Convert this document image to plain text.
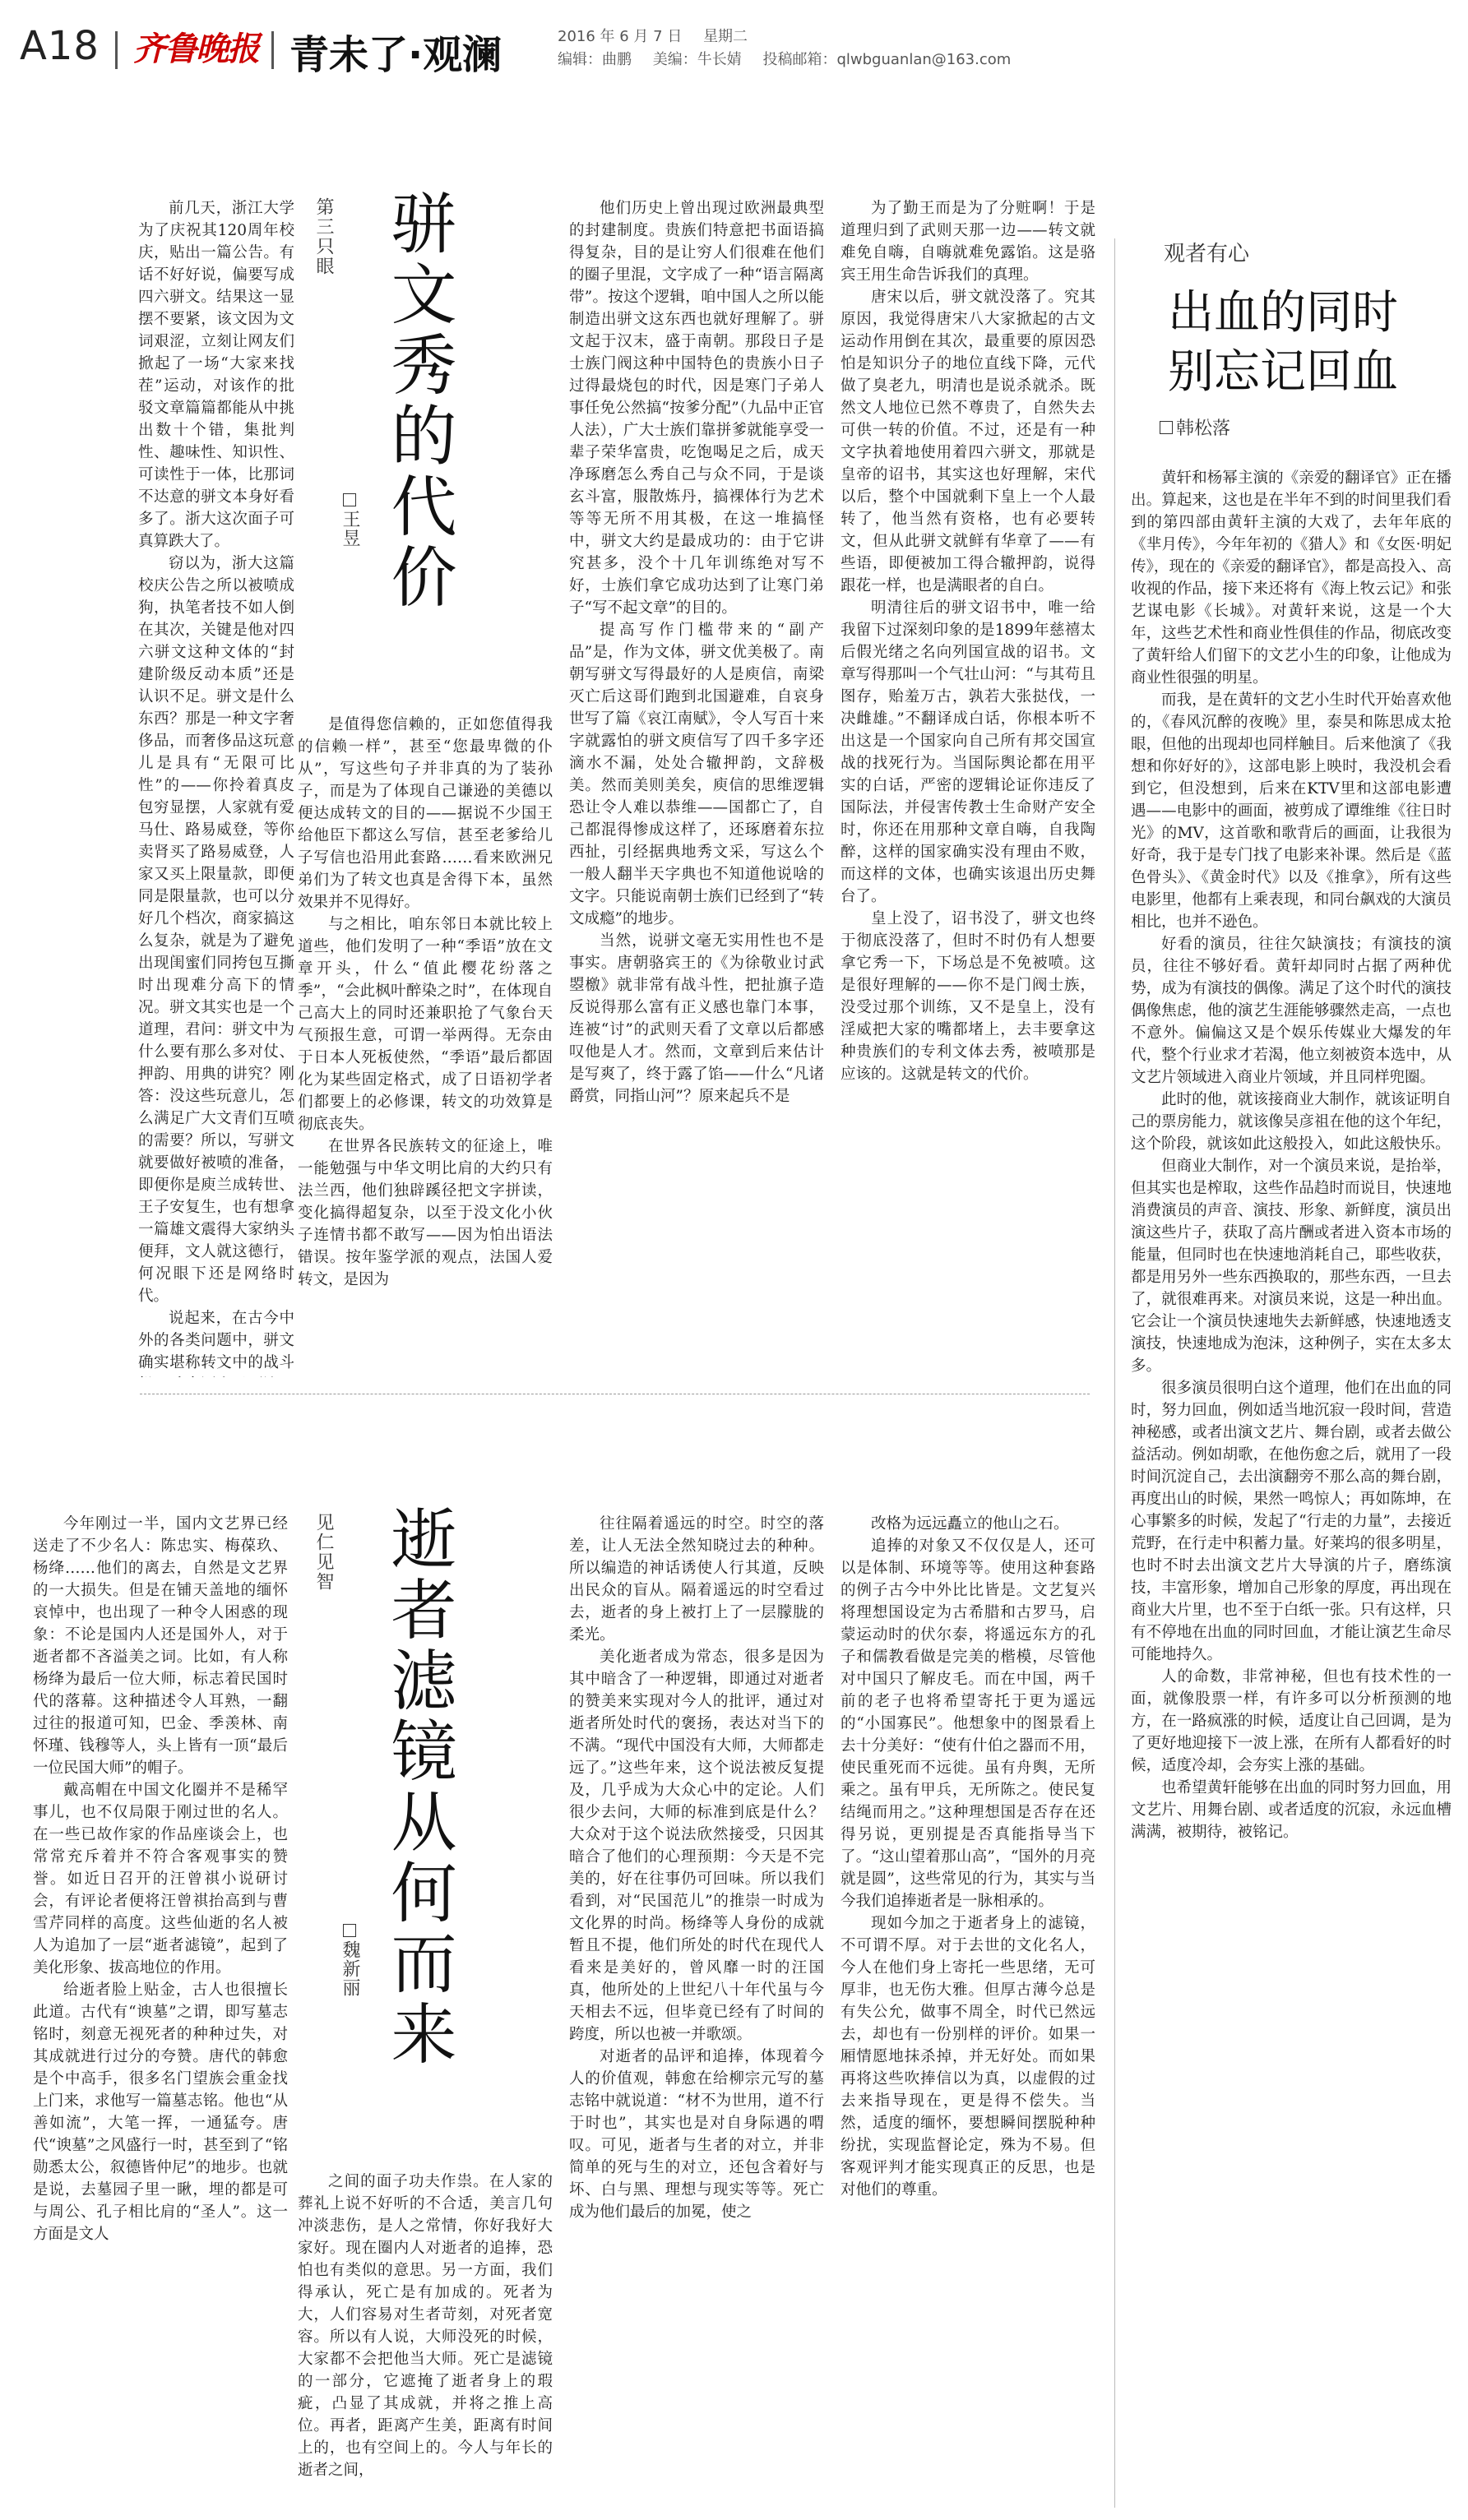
A18 齐鲁晚报 青未了·观澜	2016 年 6 月 7 日 星期二
编辑：曲鹏 美编：牛长婧 投稿邮箱：qlwbguanlan@163.com

前几天，浙江大学为了庆祝其120周年校庆，贴出一篇公告。有话不好好说，偏要写成四六骈文。结果这一显摆不要紧，该文因为文词艰涩，立刻让网友们掀起了一场“大家来找茬”运动，对该作的批驳文章篇篇都能从中挑出数十个错，集批判性、趣味性、知识性、可读性于一体，比那词不达意的骈文本身好看多了。浙大这次面子可真算跌大了。

窃以为，浙大这篇校庆公告之所以被喷成狗，执笔者技不如人倒在其次，关键是他对四六骈文这种文体的“封建阶级反动本质”还是认识不足。骈文是什么东西？那是一种文字奢侈品，而奢侈品这玩意儿是具有“无限可比性”的——你拎着真皮包穷显摆，人家就有爱马仕、路易威登，等你卖肾买了路易威登，人家又买上限量款，即便同是限量款，也可以分好几个档次，商家搞这么复杂，就是为了避免出现闺蜜们同挎包互撕时出现难分高下的情况。骈文其实也是一个道理，君问：骈文中为什么要有那么多对仗、押韵、用典的讲究？刚答：没这些玩意儿，怎么满足广大文青们互喷的需要？所以，写骈文就要做好被喷的准备，即便你是庾兰成转世、王子安复生，也有想拿一篇雄文震得大家纳头便拜，文人就这德行，何况眼下还是网络时代。

说起来，在古今中外的各类问题中，骈文确实堪称转文中的战斗

第三只眼 骈文秀的代价
王昱

是值得您信赖的，正如您值得我的信赖一样”，甚至“您最卑微的仆从”，写这些句子并非真的为了装孙子，而是为了体现自己谦逊的美德以便达成转文的目的——据说不少国王给他臣下都这么写信，甚至老爹给儿子写信也沿用此套路……看来欧洲兄弟们为了转文也真是舍得下本，虽然效果并不见得好。

与之相比，咱东邻日本就比较上道些，他们发明了一种“季语”放在文章开头，什么“值此樱花纷落之季”，“会此枫叶醉染之时”，在体现自己高大上的同时还兼职抢了气象台天气预报生意，可谓一举两得。无奈由于日本人死板使然，“季语”最后都固化为某些固定格式，成了日语初学者们都要上的必修课，转文的功效算是彻底丧失。

在世界各民族转文的征途上，唯一能勉强与中华文明比肩的大约只有法兰西，他们独辟蹊径把文字拼读，变化搞得超复杂，以至于没文化小伙子连情书都不敢写——因为怕出语法错误。按年鉴学派的观点，法国人爱转文，是因为

他们历史上曾出现过欧洲最典型的封建制度。贵族们特意把书面语搞得复杂，目的是让穷人们很难在他们的圈子里混，文字成了一种“语言隔离带”。按这个逻辑，咱中国人之所以能制造出骈文这东西也就好理解了。骈文起于汉末，盛于南朝。那段日子是士族门阀这种中国特色的贵族小日子过得最烧包的时代，因是寒门子弟人事任免公然搞“按爹分配”（九品中正官人法），广大士族们靠拼爹就能享受一辈子荣华富贵，吃饱喝足之后，成天净琢磨怎么秀自己与众不同，于是谈玄斗富，服散炼丹，搞裸体行为艺术等等无所不用其极，在这一堆搞怪中，骈文大约是最成功的：由于它讲究甚多，没个十几年训练绝对写不好，士族们拿它成功达到了让寒门弟子“写不起文章”的目的。

提高写作门槛带来的“副产品”是，作为文体，骈文优美极了。南朝写骈文写得最好的人是庾信，南梁灭亡后这哥们跑到北国避难，自哀身世写了篇《哀江南赋》，令人写百十来字就露怕的骈文庾信写了四千多字还滴水不漏，处处合辙押韵，文辞极美。然而美则美矣，庾信的思维逻辑恐让令人难以恭维——国都亡了，自己都混得惨成这样了，还琢磨着东拉西扯，引经据典地秀文采，写这么个一般人翻半天字典也不知道他说啥的文字。只能说南朝士族们已经到了“转文成瘾”的地步。

当然，说骈文毫无实用性也不是事实。唐朝骆宾王的《为徐敬业讨武曌檄》就非常有战斗性，把扯旗子造反说得那么富有正义感也靠门本事，连被“讨”的武则天看了文章以后都感叹他是人才。然而，文章到后来估计是写爽了，终于露了馅——什么“凡诸爵赏，同指山河”？原来起兵不是

为了勤王而是为了分赃啊！于是道理归到了武则天那一边——转文就难免自嗨，自嗨就难免露馅。这是骆宾王用生命告诉我们的真理。

唐宋以后，骈文就没落了。究其原因，我觉得唐宋八大家掀起的古文运动作用倒在其次，最重要的原因恐怕是知识分子的地位直线下降，元代做了臭老九，明清也是说杀就杀。既然文人地位已然不尊贵了，自然失去可供一转的价值。不过，还是有一种文字执着地使用着四六骈文，那就是皇帝的诏书，其实这也好理解，宋代以后，整个中国就剩下皇上一个人最转了，他当然有资格，也有必要转文，但从此骈文就鲜有华章了——有些语，即便被加工得合辙押韵，说得跟花一样，也是满眼者的自白。

明清往后的骈文诏书中，唯一给我留下过深刻印象的是1899年慈禧太后假光绪之名向列国宣战的诏书。文章写得那叫一个气壮山河：“与其苟且图存，贻羞万古，孰若大张挞伐，一决雌雄。”不翻译成白话，你根本听不出这是一个国家向自己所有邦交国宣战的找死行为。当国际舆论都在用平实的白话，严密的逻辑论证你违反了国际法，并侵害传教士生命财产安全时，你还在用那种文章自嗨，自我陶醉，这样的国家确实没有理由不败，而这样的文体，也确实该退出历史舞台了。

皇上没了，诏书没了，骈文也终于彻底没落了，但时不时仍有人想要拿它秀一下，下场总是不免被喷。这是很好理解的——你不是门阀士族，没受过那个训练，又不是皇上，没有淫威把大家的嘴都堵上，去丰要拿这种贵族们的专利文体去秀，被喷那是应该的。这就是转文的代价。

今年刚过一半，国内文艺界已经送走了不少名人：陈忠实、梅葆玖、杨绛……他们的离去，自然是文艺界的一大损失。但是在铺天盖地的缅怀哀悼中，也出现了一种令人困惑的现象：不论是国内人还是国外人，对于逝者都不吝溢美之词。比如，有人称杨绛为最后一位大师，标志着民国时代的落幕。这种描述令人耳熟，一翻过往的报道可知，巴金、季羡林、南怀瑾、钱穆等人，头上皆有一顶“最后一位民国大师”的帽子。

戴高帽在中国文化圈并不是稀罕事儿，也不仅局限于刚过世的名人。在一些已故作家的作品座谈会上，也常常充斥着并不符合客观事实的赞誉。如近日召开的汪曾祺小说研讨会，有评论者便将汪曾祺抬高到与曹雪芹同样的高度。这些仙逝的名人被人为追加了一层“逝者滤镜”，起到了美化形象、拔高地位的作用。

给逝者脸上贴金，古人也很擅长此道。古代有“谀墓”之谓，即写墓志铭时，刻意无视死者的种种过失，对其成就进行过分的夸赞。唐代的韩愈是个中高手，很多名门望族会重金找上门来，求他写一篇墓志铭。他也“从善如流”，大笔一挥，一通猛夸。唐代“谀墓”之风盛行一时，甚至到了“铭勋悉太公，叙德皆仲尼”的地步。也就是说，去墓园子里一瞅，埋的都是可与周公、孔子相比肩的“圣人”。这一方面是文人

见仁见智 逝者滤镜从何而来
魏新丽

之间的面子功夫作祟。在人家的葬礼上说不好听的不合适，美言几句冲淡悲伤，是人之常情，你好我好大家好。现在圈内人对逝者的追捧，恐怕也有类似的意思。另一方面，我们得承认，死亡是有加成的。死者为大，人们容易对生者苛刻，对死者宽容。所以有人说，大师没死的时候，大家都不会把他当大师。死亡是滤镜的一部分，它遮掩了逝者身上的瑕疵，凸显了其成就，并将之推上高位。再者，距离产生美，距离有时间上的，也有空间上的。今人与年长的逝者之间，

往往隔着遥远的时空。时空的落差，让人无法全然知晓过去的种种。所以编造的神话诱使人行其道，反映出民众的盲从。隔着遥远的时空看过去，逝者的身上被打上了一层朦胧的柔光。

美化逝者成为常态，很多是因为其中暗含了一种逻辑，即通过对逝者的赞美来实现对今人的批评，通过对逝者所处时代的褒扬，表达对当下的不满。“现代中国没有大师，大师都走远了。”这些年来，这个说法被反复提及，几乎成为大众心中的定论。人们很少去问，大师的标准到底是什么？大众对于这个说法欣然接受，只因其暗合了他们的心理预期：今天是不完美的，好在往事仍可回味。所以我们看到，对“民国范儿”的推崇一时成为文化界的时尚。杨绛等人身份的成就暂且不提，他们所处的时代在现代人看来是美好的，曾风靡一时的汪国真，他所处的上世纪八十年代虽与今天相去不远，但毕竟已经有了时间的跨度，所以也被一并歌颂。

对逝者的品评和追捧，体现着今人的价值观，韩愈在给柳宗元写的墓志铭中就说道：“材不为世用，道不行于时也”，其实也是对自身际遇的喟叹。可见，逝者与生者的对立，并非简单的死与生的对立，还包含着好与坏、白与黑、理想与现实等等。死亡成为他们最后的加冕，使之

改格为远远矗立的他山之石。

追捧的对象又不仅仅是人，还可以是体制、环境等等。使用这种套路的例子古今中外比比皆是。文艺复兴将理想国设定为古希腊和古罗马，启蒙运动时的伏尔泰，将遥远东方的孔子和儒教看做是完美的楷模，尽管他对中国只了解皮毛。而在中国，两千前的老子也将希望寄托于更为遥远的“小国寡民”。他想象中的图景看上去十分美好：“使有什伯之器而不用，使民重死而不远徙。虽有舟舆，无所乘之。虽有甲兵，无所陈之。使民复结绳而用之。”这种理想国是否存在还得另说，更别提是否真能指导当下了。“这山望着那山高”，“国外的月亮就是圆”，这些常见的行为，其实与当今我们追捧逝者是一脉相承的。

现如今加之于逝者身上的滤镜，不可谓不厚。对于去世的文化名人，今人在他们身上寄托一些思绪，无可厚非，也无伤大雅。但厚古薄今总是有失公允，做事不周全，时代已然远去，却也有一份别样的评价。如果一厢情愿地抹杀掉，并无好处。而如果再将这些吹捧信以为真，以虚假的过去来指导现在，更是得不偿失。当然，适度的缅怀，要想瞬间摆脱种种纷扰，实现监督论定，殊为不易。但客观评判才能实现真正的反思，也是对他们的尊重。

观者有心
出血的同时
别忘记回血
韩松落

黄轩和杨幂主演的《亲爱的翻译官》正在播出。算起来，这也是在半年不到的时间里我们看到的第四部由黄轩主演的大戏了，去年年底的《芈月传》，今年年初的《猎人》和《女医·明妃传》，现在的《亲爱的翻译官》，都是高投入、高收视的作品，接下来还将有《海上牧云记》和张艺谋电影《长城》。对黄轩来说，这是一个大年，这些艺术性和商业性俱佳的作品，彻底改变了黄轩给人们留下的文艺小生的印象，让他成为商业性很强的明星。

而我，是在黄轩的文艺小生时代开始喜欢他的，《春风沉醉的夜晚》里，泰昊和陈思成太抢眼，但他的出现却也同样触目。后来他演了《我想和你好好的》，这部电影上映时，我没机会看到它，但没想到，后来在KTV里和这部电影遭遇——电影中的画面，被剪成了谭维维《往日时光》的MV，这首歌和歌背后的画面，让我很为好奇，我于是专门找了电影来补课。然后是《蓝色骨头》、《黄金时代》以及《推拿》，所有这些电影里，他都有上乘表现，和同台飙戏的大演员相比，也并不逊色。

好看的演员，往往欠缺演技；有演技的演员，往往不够好看。黄轩却同时占据了两种优势，成为有演技的偶像。满足了这个时代的演技偶像焦虑，他的演艺生涯能够骤然走高，一点也不意外。偏偏这又是个娱乐传媒业大爆发的年代，整个行业求才若渴，他立刻被资本选中，从文艺片领域进入商业片领域，并且同样兜圈。

此时的他，就该接商业大制作，就该证明自己的票房能力，就该像吴彦祖在他的这个年纪，这个阶段，就该如此这般投入，如此这般快乐。

但商业大制作，对一个演员来说，是抬举，但其实也是榨取，这些作品趋时而说目，快速地消费演员的声音、演技、形象、新鲜度，演员出演这些片子，获取了高片酬或者进入资本市场的能量，但同时也在快速地消耗自己，耶些收获，都是用另外一些东西换取的，那些东西，一旦去了，就很难再来。对演员来说，这是一种出血。它会让一个演员快速地失去新鲜感，快速地透支演技，快速地成为泡沫，这种例子，实在太多太多。

很多演员很明白这个道理，他们在出血的同时，努力回血，例如适当地沉寂一段时间，营造神秘感，或者出演文艺片、舞台剧，或者去做公益活动。例如胡歌，在他伤愈之后，就用了一段时间沉淀自己，去出演翻旁不那么高的舞台剧，再度出山的时候，果然一鸣惊人；再如陈坤，在心事繁多的时候，发起了“行走的力量”，去接近荒野，在行走中积蓄力量。好莱坞的很多明星，也时不时去出演文艺片大导演的片子，磨练演技，丰富形象，增加自己形象的厚度，再出现在商业大片里，也不至于白纸一张。只有这样，只有不停地在出血的同时回血，才能让演艺生命尽可能地持久。

人的命数，非常神秘，但也有技术性的一面，就像股票一样，有许多可以分析预测的地方，在一路疯涨的时候，适度让自己回调，是为了更好地迎接下一波上涨，在所有人都看好的时候，适度冷却，会夯实上涨的基础。

也希望黄轩能够在出血的同时努力回血，用文艺片、用舞台剧、或者适度的沉寂，永远血槽满满，被期待，被铭记。
